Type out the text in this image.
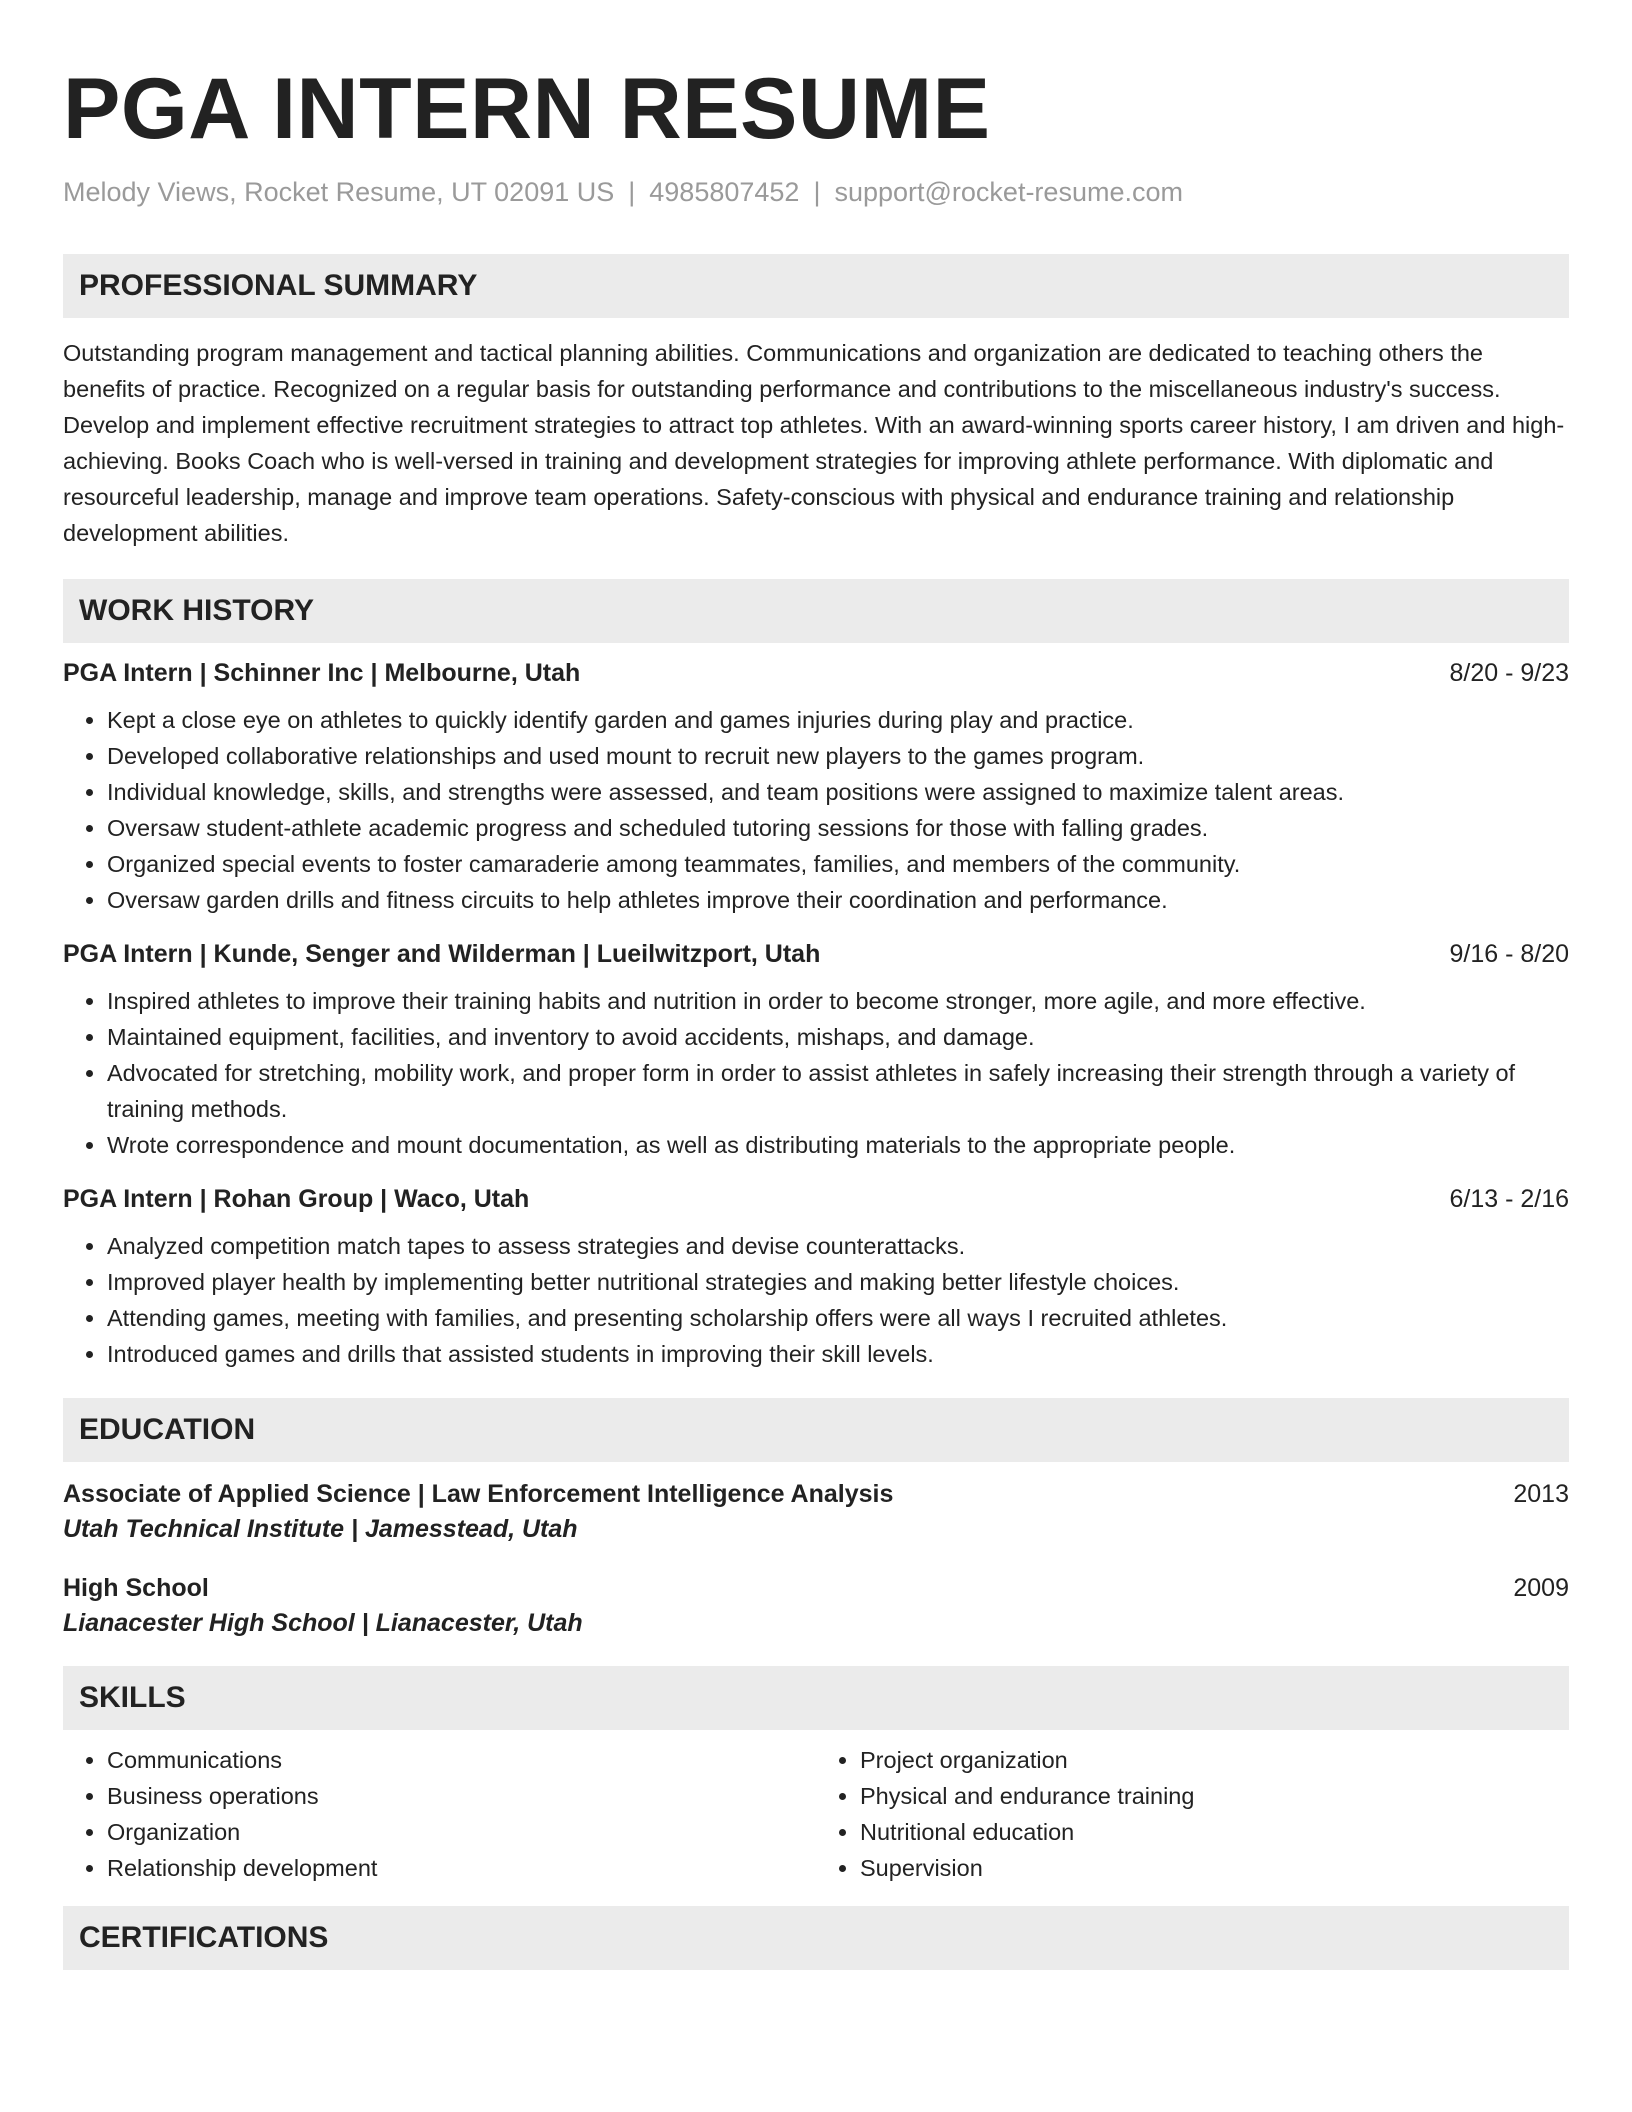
PGA INTERN RESUME
Melody Views, Rocket Resume, UT 02091 US | 4985807452 | support@rocket-resume.com
PROFESSIONAL SUMMARY

Outstanding program management and tactical planning abilities. Communications and organization are dedicated to teaching others the benefits of practice. Recognized on a regular basis for outstanding performance and contributions to the miscellaneous industry's success. Develop and implement effective recruitment strategies to attract top athletes. With an award-winning sports career history, I am driven and high-achieving. Books Coach who is well-versed in training and development strategies for improving athlete performance. With diplomatic and resourceful leadership, manage and improve team operations. Safety-conscious with physical and endurance training and relationship development abilities.

WORK HISTORY
PGA Intern | Schinner Inc | Melbourne, Utah	8/20 - 9/23
• Kept a close eye on athletes to quickly identify garden and games injuries during play and practice.
• Developed collaborative relationships and used mount to recruit new players to the games program.
• Individual knowledge, skills, and strengths were assessed, and team positions were assigned to maximize talent areas.
• Oversaw student-athlete academic progress and scheduled tutoring sessions for those with falling grades.
• Organized special events to foster camaraderie among teammates, families, and members of the community.
• Oversaw garden drills and fitness circuits to help athletes improve their coordination and performance.
PGA Intern | Kunde, Senger and Wilderman | Lueilwitzport, Utah	9/16 - 8/20
• Inspired athletes to improve their training habits and nutrition in order to become stronger, more agile, and more effective.
• Maintained equipment, facilities, and inventory to avoid accidents, mishaps, and damage.
• Advocated for stretching, mobility work, and proper form in order to assist athletes in safely increasing their strength through a variety of training methods.
• Wrote correspondence and mount documentation, as well as distributing materials to the appropriate people.
PGA Intern | Rohan Group | Waco, Utah	6/13 - 2/16
• Analyzed competition match tapes to assess strategies and devise counterattacks.
• Improved player health by implementing better nutritional strategies and making better lifestyle choices.
• Attending games, meeting with families, and presenting scholarship offers were all ways I recruited athletes.
• Introduced games and drills that assisted students in improving their skill levels.
EDUCATION
Associate of Applied Science | Law Enforcement Intelligence Analysis	2013
Utah Technical Institute | Jamesstead, Utah
High School	2009
Lianacester High School | Lianacester, Utah
SKILLS
• Communications
• Business operations
• Organization
• Relationship development
• Project organization
• Physical and endurance training
• Nutritional education
• Supervision
CERTIFICATIONS
